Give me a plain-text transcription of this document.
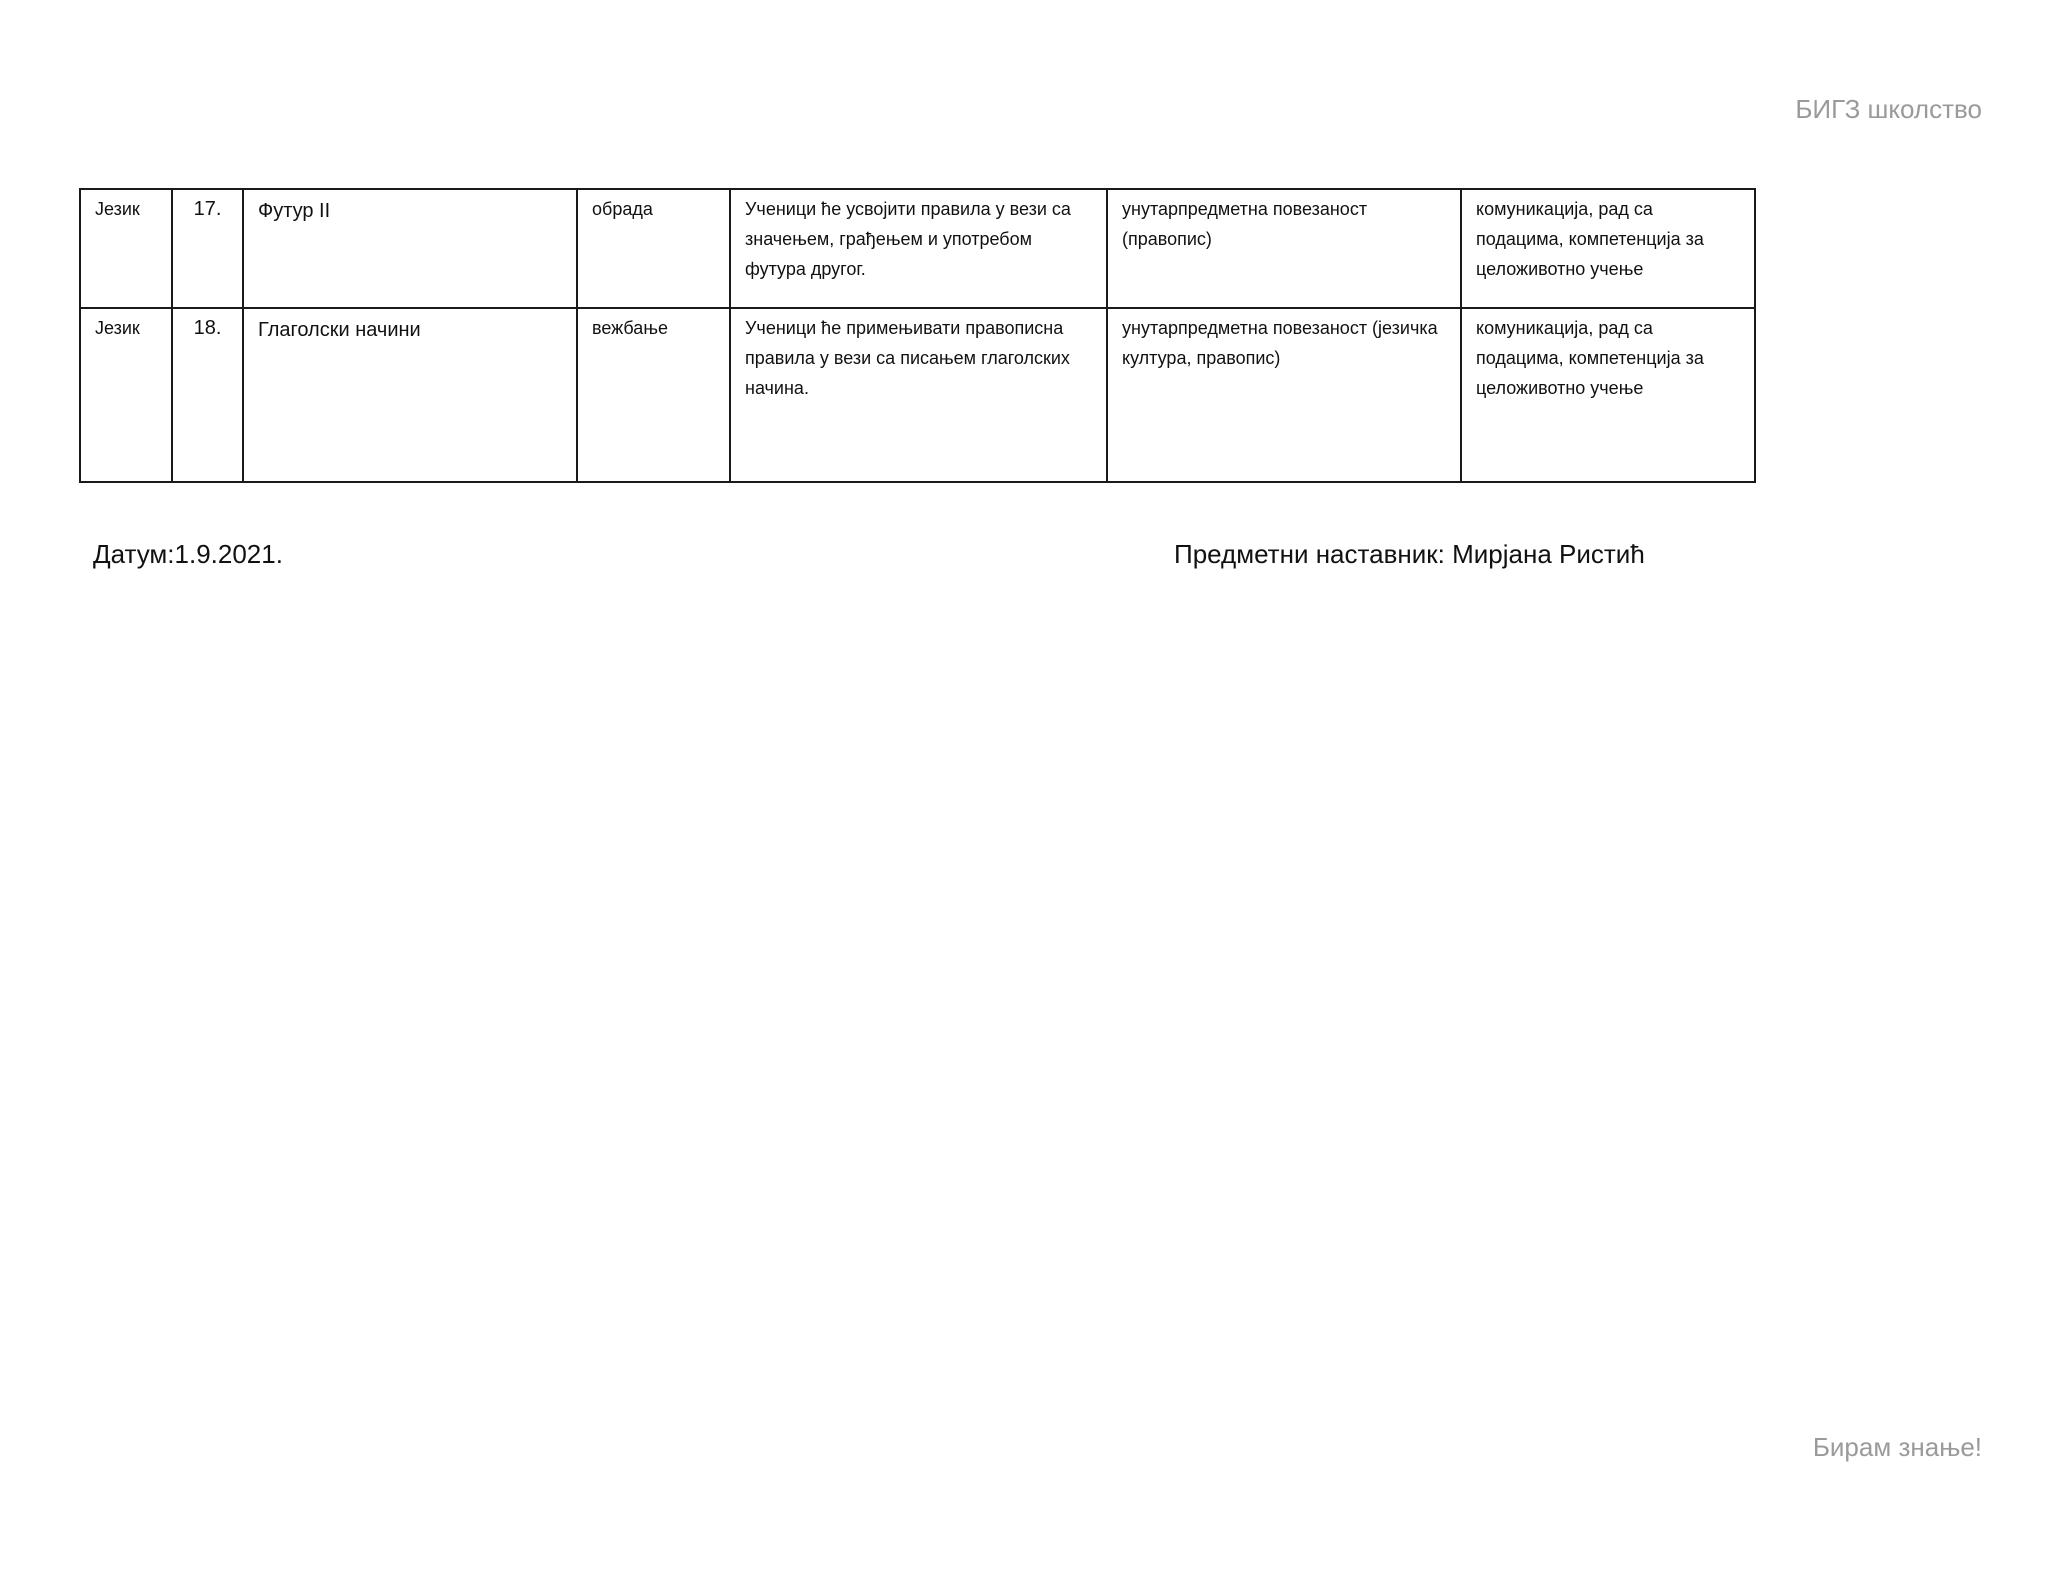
БИГЗ школство
Језик	17.	Футур II	обрада	Ученици ће усвојити правила у вези са значењем, грађењем и употребом футура другог.	унутарпредметна повезаност (правопис)	комуникација, рад са подацима, компетенција за целоживотно учење
Језик	18.	Глаголски начини	вежбање	Ученици ће примењивати правописна правила у вези са писањем глаголских начина.	унутарпредметна повезаност (језичка култура, правопис)	комуникација, рад са подацима, компетенција за целоживотно учење
Датум:1.9.2021.	Предметни наставник: Мирјана Ристић
Бирам знање!
